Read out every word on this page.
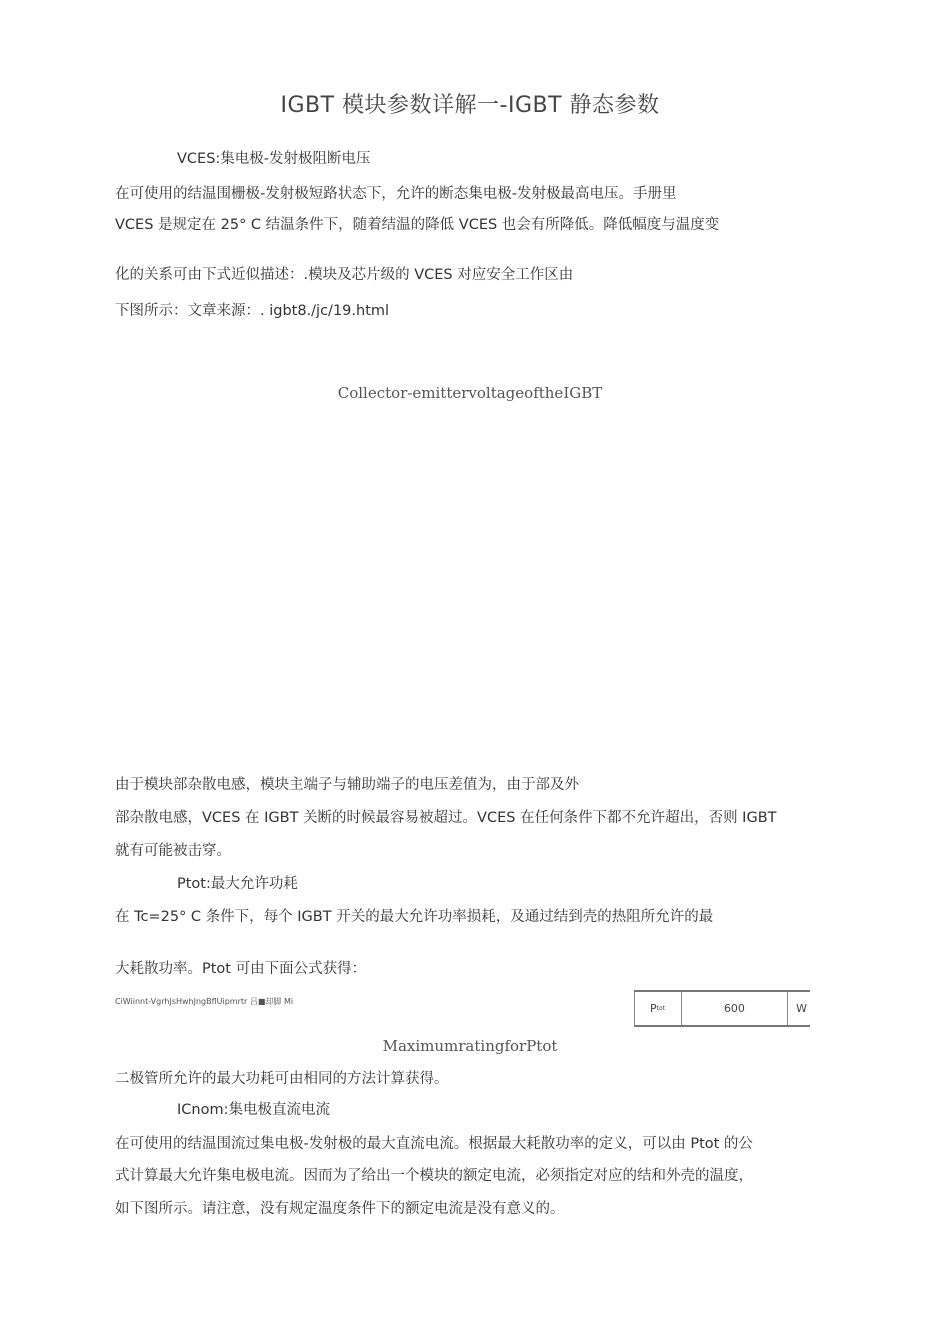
IGBT 模块参数详解一-IGBT 静态参数
VCES:集电极-发射极阻断电压
在可使用的结温围栅极-发射极短路状态下，允许的断态集电极-发射极最高电压。手册里
VCES 是规定在 25° C 结温条件下，随着结温的降低 VCES 也会有所降低。降低幅度与温度变
化的关系可由下式近似描述：.模块及芯片级的 VCES 对应安全工作区由
下图所示：文章来源：. igbt8./jc/19.html
Collector-emittervoltageoftheIGBT
由于模块部杂散电感，模块主端子与辅助端子的电压差值为，由于部及外
部杂散电感，VCES 在 IGBT 关断的时候最容易被超过。VCES 在任何条件下都不允许超出，否则 IGBT
就有可能被击穿。
Ptot:最大允许功耗
在 Tc=25° C 条件下，每个 IGBT 开关的最大允许功率损耗，及通过结到壳的热阻所允许的最
大耗散功率。Ptot 可由下面公式获得：
CiWiinnt-VgrhJsHwhJngBflUipmrtr 吕■却脚 Mi
P tot	600	W
MaximumratingforPtot
二极管所允许的最大功耗可由相同的方法计算获得。
ICnom:集电极直流电流
在可使用的结温围流过集电极-发射极的最大直流电流。根据最大耗散功率的定义，可以由 Ptot 的公
式计算最大允许集电极电流。因而为了给出一个模块的额定电流，必须指定对应的结和外壳的温度，
如下图所示。请注意，没有规定温度条件下的额定电流是没有意义的。
